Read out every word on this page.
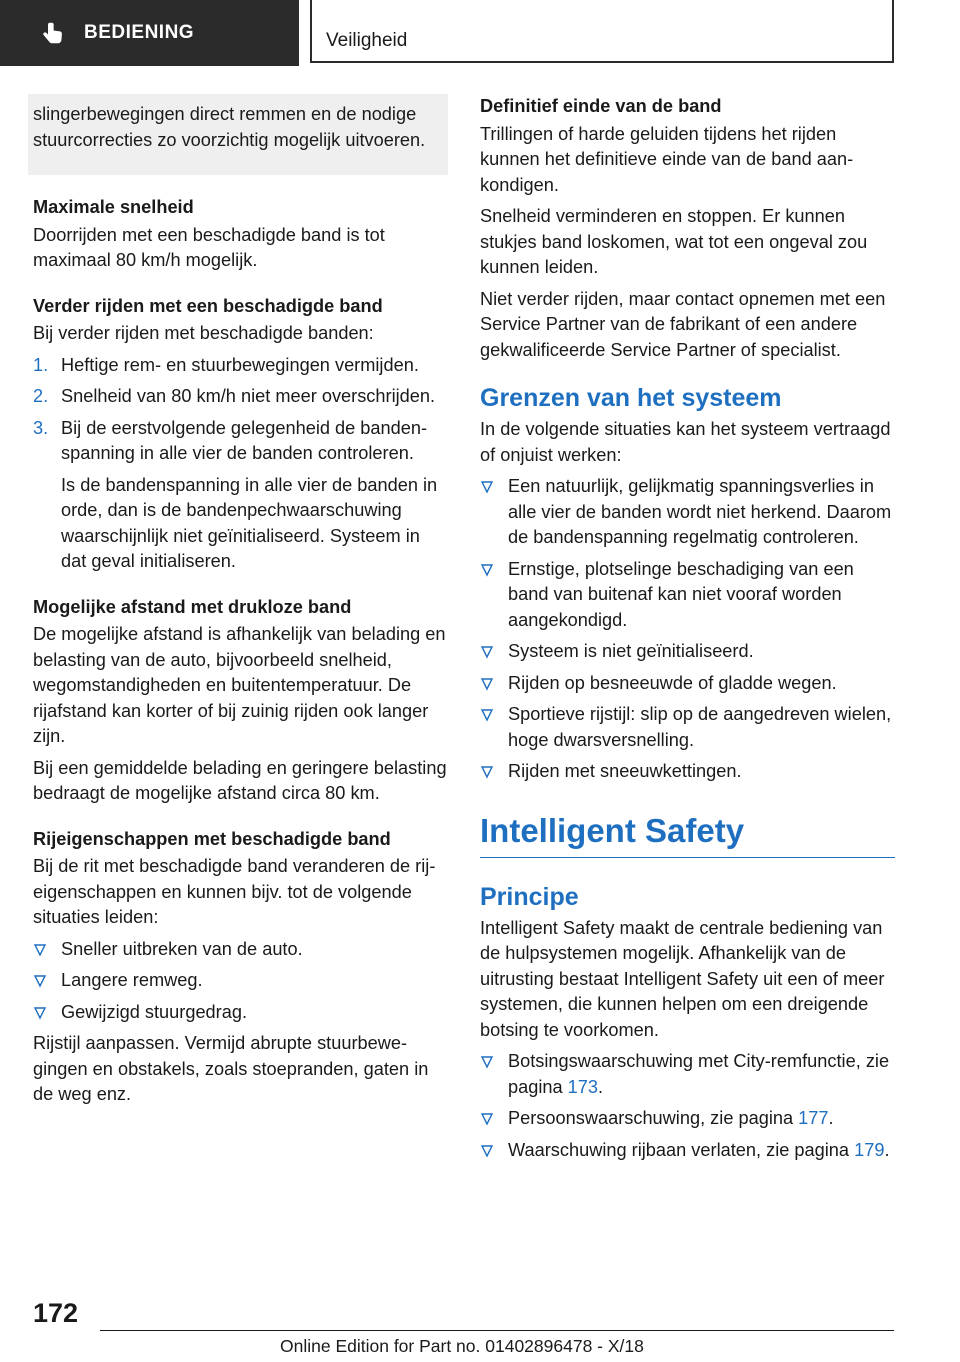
BEDIENING	Veiligheid
slingerbewegingen direct remmen en de nodige stuurcorrecties zo voorzichtig mogelijk uitvoeren.
Maximale snelheid

Doorrijden met een beschadigde band is tot maximaal 80 km/h mogelijk.

Verder rijden met een beschadigde band

Bij verder rijden met beschadigde banden:

1. Heftige rem- en stuurbewegingen vermijden.
2. Snelheid van 80 km/h niet meer overschrijden.
3. Bij de eerstvolgende gelegenheid de bandenspanning in alle vier de banden controleren.
Is de bandenspanning in alle vier de banden in orde, dan is de bandenpechwaarschuwing waarschijnlijk niet geïnitialiseerd. Systeem in dat geval initialiseren.
Mogelijke afstand met drukloze band

De mogelijke afstand is afhankelijk van belading en belasting van de auto, bijvoorbeeld snelheid, wegomstandigheden en buitentemperatuur. De rijafstand kan korter of bij zuinig rijden ook langer zijn.

Bij een gemiddelde belading en geringere belasting bedraagt de mogelijke afstand circa 80 km.

Rijeigenschappen met beschadigde band

Bij de rit met beschadigde band veranderen de rij-eigenschappen en kunnen bijv. tot de volgende situaties leiden:

Sneller uitbreken van de auto.
Langere remweg.
Gewijzigd stuurgedrag.

Rijstijl aanpassen. Vermijd abrupte stuurbewegingen en obstakels, zoals stoepranden, gaten in de weg enz.

Definitief einde van de band

Trillingen of harde geluiden tijdens het rijden kunnen het definitieve einde van de band aankondigen.

Snelheid verminderen en stoppen. Er kunnen stukjes band loskomen, wat tot een ongeval zou kunnen leiden.

Niet verder rijden, maar contact opnemen met een Service Partner van de fabrikant of een andere gekwalificeerde Service Partner of specialist.

Grenzen van het systeem

In de volgende situaties kan het systeem vertraagd of onjuist werken:

Een natuurlijk, gelijkmatig spanningsverlies in alle vier de banden wordt niet herkend. Daarom de bandenspanning regelmatig controleren.
Ernstige, plotselinge beschadiging van een band van buitenaf kan niet vooraf worden aangekondigd.
Systeem is niet geïnitialiseerd.
Rijden op besneeuwde of gladde wegen.
Sportieve rijstijl: slip op de aangedreven wielen, hoge dwarsversnelling.
Rijden met sneeuwkettingen.
Intelligent Safety
Principe

Intelligent Safety maakt de centrale bediening van de hulpsystemen mogelijk. Afhankelijk van de uitrusting bestaat Intelligent Safety uit een of meer systemen, die kunnen helpen om een dreigende botsing te voorkomen.

Botsingswaarschuwing met City-remfunctie, zie pagina 173.
Persoonswaarschuwing, zie pagina 177.
Waarschuwing rijbaan verlaten, zie pagina 179.
172
Online Edition for Part no. 01402896478 - X/18
